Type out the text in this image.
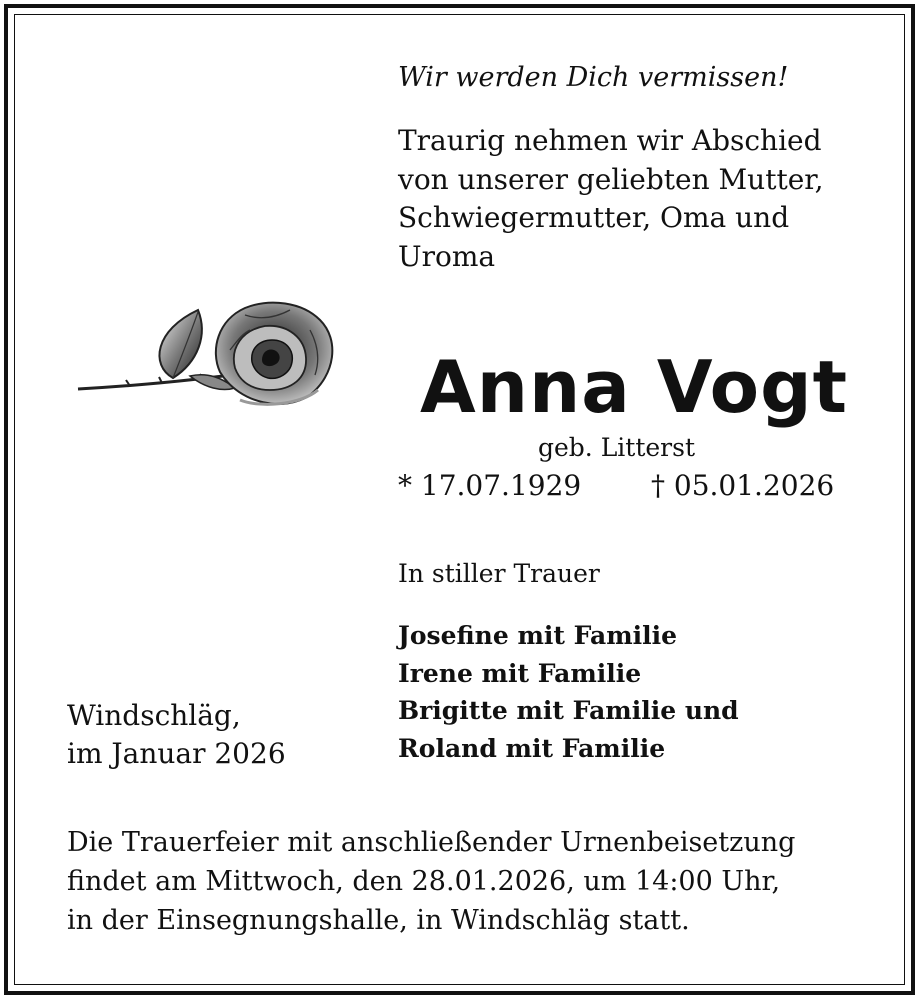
Wir werden Dich vermissen!

Traurig nehmen wir Abschied
von unserer geliebten Mutter,
Schwiegermutter, Oma und
Uroma

Anna Vogt

geb. Litterst

* 17.07.1929 † 05.01.2026

In stiller Trauer

Josefine mit Familie
Irene mit Familie
Brigitte mit Familie und
Roland mit Familie
Windschläg,
im Januar 2026
Die Trauerfeier mit anschließender Urnenbeisetzung
findet am Mittwoch, den 28.01.2026, um 14:00 Uhr,
in der Einsegnungshalle, in Windschläg statt.
